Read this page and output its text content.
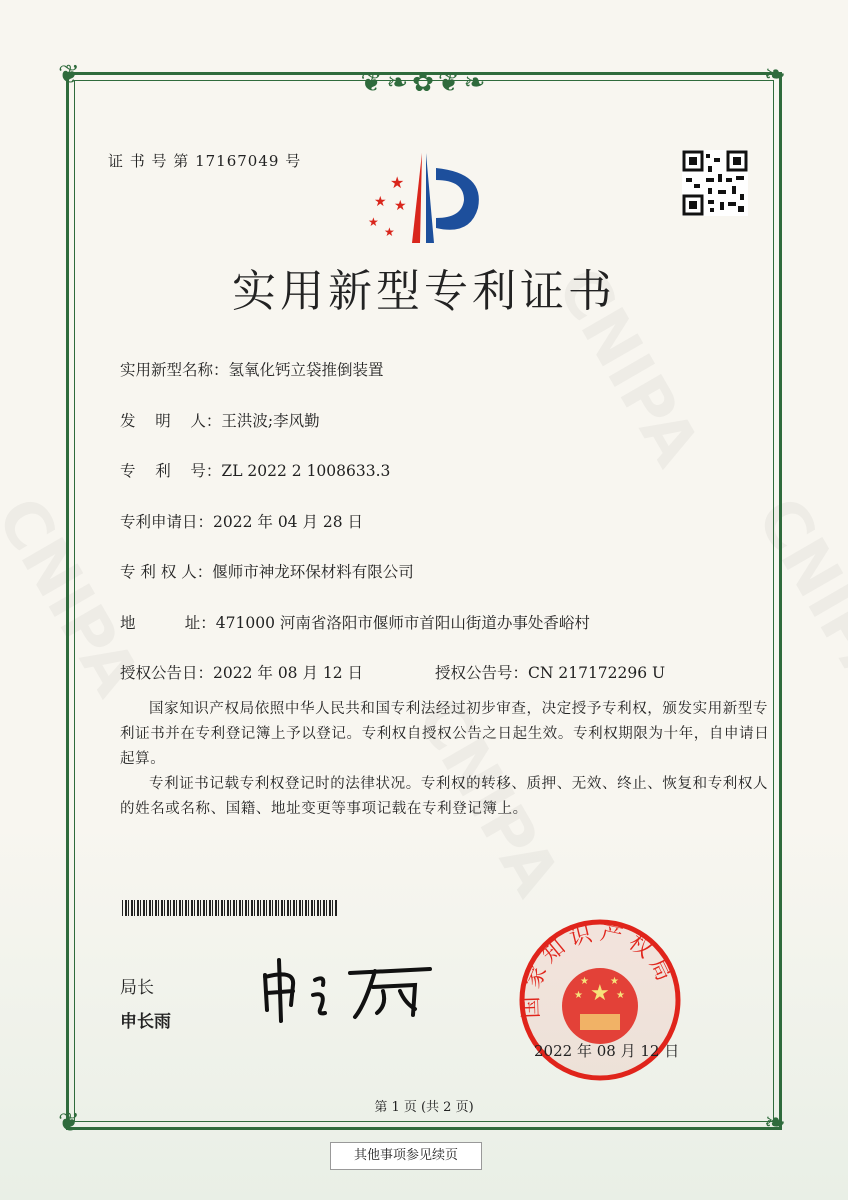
❦❧✿❦❧
❦	❧
❦	❧
证 书 号 第 17167049 号
★
★ ★
★
★
实用新型专利证书
实用新型名称：氢氧化钙立袋推倒装置
发    明    人：王洪波;李风勤
专    利    号：ZL 2022 2 1008633.3
专利申请日：2022 年 04 月 28 日
专 利 权 人：偃师市神龙环保材料有限公司
地          址：471000 河南省洛阳市偃师市首阳山街道办事处香峪村
授权公告日：2022 年 08 月 12 日	授权公告号：CN 217172296 U
国家知识产权局依照中华人民共和国专利法经过初步审查，决定授予专利权，颁发实用新型专利证书并在专利登记簿上予以登记。专利权自授权公告之日起生效。专利权期限为十年，自申请日起算。
专利证书记载专利权登记时的法律状况。专利权的转移、质押、无效、终止、恢复和专利权人的姓名或名称、国籍、地址变更等事项记载在专利登记簿上。
局长
申长雨
★
★	★
★ ★
国家知识产权局
2022 年 08 月 12 日
第 1 页 (共 2 页)
其他事项参见续页
